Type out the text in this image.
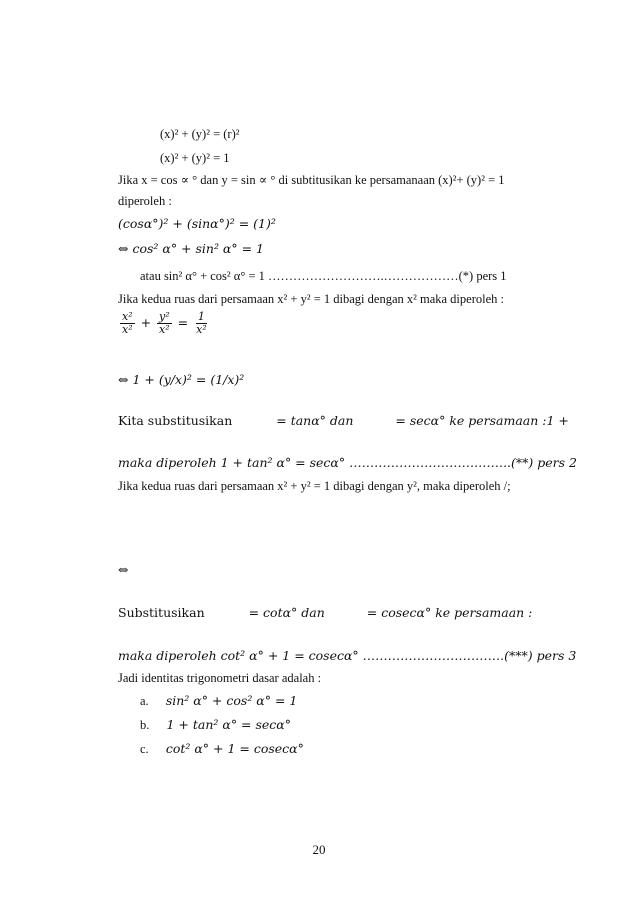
(x)² + (y)² = (r)²
(x)² + (y)² = 1
Jika x = cos ∝ ° dan y = sin ∝ ° di subtitusikan ke persamanaan (x)²+ (y)² = 1
diperoleh :
(cosα°)² + (sinα°)² = (1)²
⇔ cos² α° + sin² α° = 1
atau sin² α° + cos² α° = 1 ……………………….………………(*) pers 1
Jika kedua ruas dari persamaan x² + y² = 1 dibagi dengan x² maka diperoleh :
$\frac{\text{x²}}{\text{x²}} + \frac{\text{y²}}{\text{x²}} = \frac{1}{\text{x²}}$
⇔ 1 + (y/x)² = (1/x)²
Kita substitusikan	= tanα° dan	= secα° ke persamaan :1 +
maka diperoleh 1 + tan² α° = secα° ………………………….……..(**) pers 2
Jika kedua ruas dari persamaan x² + y² = 1 dibagi dengan y², maka diperoleh /;
⇔
Substitusikan	= cotα° dan	= cosecα° ke persamaan :
maka diperoleh cot² α° + 1 = cosecα° …………………………….(***) pers 3
Jadi identitas trigonometri dasar adalah :
a. sin² α° + cos² α° = 1
b. 1 + tan² α° = secα°
c. cot² α° + 1 = cosecα°
20
